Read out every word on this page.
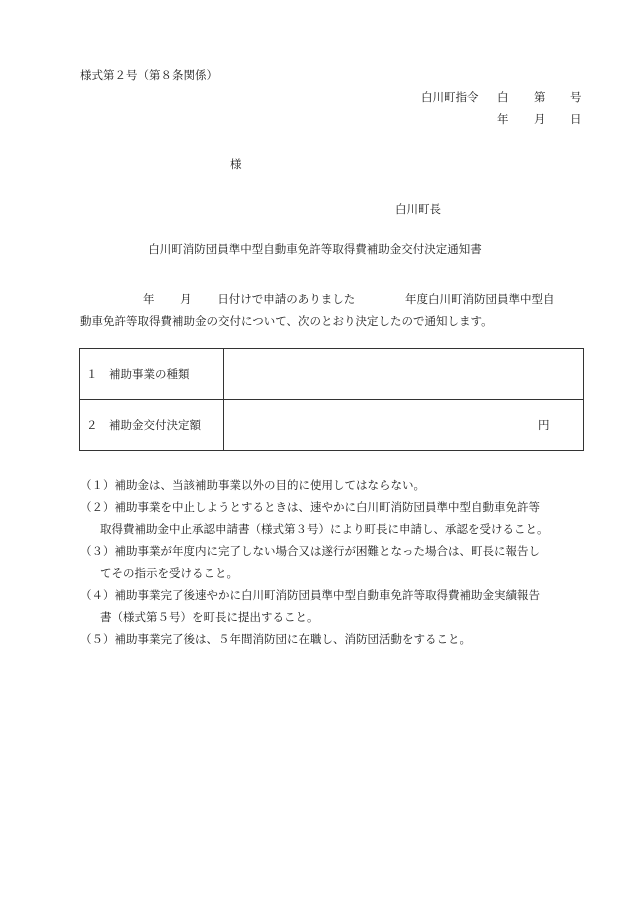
様式第２号（第８条関係）
白川町指令 白 第 号
年 月 日
様
白川町長
白川町消防団員準中型自動車免許等取得費補助金交付決定通知書
年 月 日付けで申請のありました	年度白川町消防団員準中型自
動車免許等取得費補助金の交付について、次のとおり決定したので通知します。
１　補助事業の種類	
２　補助金交付決定額	円
（１）補助金は、当該補助事業以外の目的に使用してはならない。
（２）補助事業を中止しようとするときは、速やかに白川町消防団員準中型自動車免許等
取得費補助金中止承認申請書（様式第３号）により町長に申請し、承認を受けること。
（３）補助事業が年度内に完了しない場合又は遂行が困難となった場合は、町長に報告し
てその指示を受けること。
（４）補助事業完了後速やかに白川町消防団員準中型自動車免許等取得費補助金実績報告
書（様式第５号）を町長に提出すること。
（５）補助事業完了後は、５年間消防団に在職し、消防団活動をすること。
